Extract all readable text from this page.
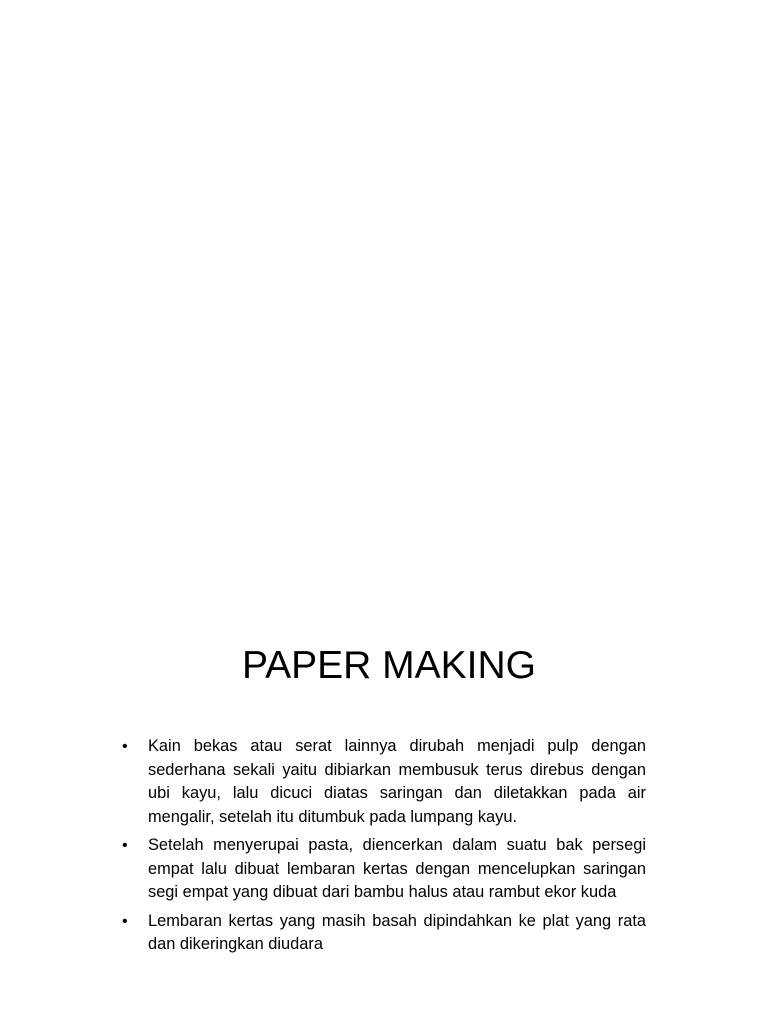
PAPER MAKING
•	Kain bekas atau serat lainnya dirubah menjadi pulp dengan sederhana sekali yaitu dibiarkan membusuk terus direbus dengan ubi kayu, lalu dicuci diatas saringan dan diletakkan pada air mengalir, setelah itu ditumbuk pada lumpang kayu.
•	Setelah menyerupai pasta, diencerkan dalam suatu bak persegi empat lalu dibuat lembaran kertas dengan mencelupkan saringan segi empat yang dibuat dari bambu halus atau rambut ekor kuda
•	Lembaran kertas yang masih basah dipindahkan ke plat yang rata dan dikeringkan diudara
